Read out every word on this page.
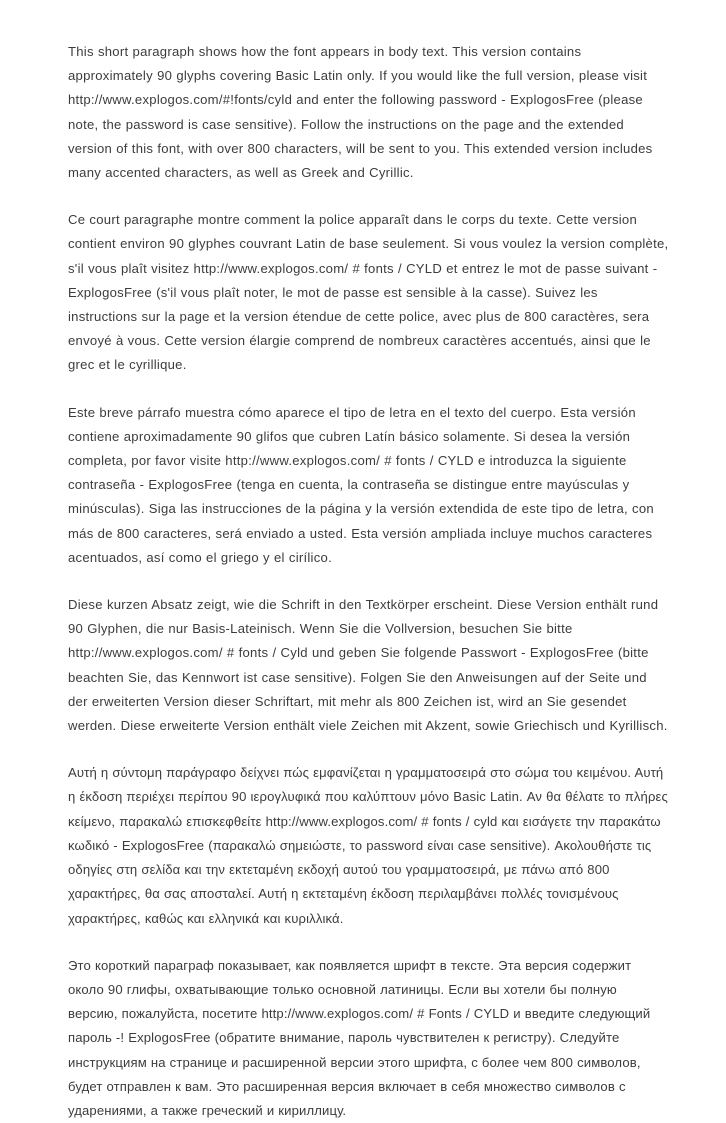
This short paragraph shows how the font appears in body text. This version contains approximately 90 glyphs covering Basic Latin only. If you would like the full version, please visit http://www.explogos.com/#!fonts/cyld and enter the following password - ExplogosFree (please note, the password is case sensitive). Follow the instructions on the page and the extended version of this font, with over 800 characters, will be sent to you. This extended version includes many accented characters, as well as Greek and Cyrillic.

Ce court paragraphe montre comment la police apparaît dans le corps du texte. Cette version contient environ 90 glyphes couvrant Latin de base seulement. Si vous voulez la version complète, s'il vous plaît visitez http://www.explogos.com/ # fonts / CYLD et entrez le mot de passe suivant - ExplogosFree (s'il vous plaît noter, le mot de passe est sensible à la casse). Suivez les instructions sur la page et la version étendue de cette police, avec plus de 800 caractères, sera envoyé à vous. Cette version élargie comprend de nombreux caractères accentués, ainsi que le grec et le cyrillique.

Este breve párrafo muestra cómo aparece el tipo de letra en el texto del cuerpo. Esta versión contiene aproximadamente 90 glifos que cubren Latín básico solamente. Si desea la versión completa, por favor visite http://www.explogos.com/ # fonts / CYLD e introduzca la siguiente contraseña - ExplogosFree (tenga en cuenta, la contraseña se distingue entre mayúsculas y minúsculas). Siga las instrucciones de la página y la versión extendida de este tipo de letra, con más de 800 caracteres, será enviado a usted. Esta versión ampliada incluye muchos caracteres acentuados, así como el griego y el cirílico.

Diese kurzen Absatz zeigt, wie die Schrift in den Textkörper erscheint. Diese Version enthält rund 90 Glyphen, die nur Basis-Lateinisch. Wenn Sie die Vollversion, besuchen Sie bitte http://www.explogos.com/ # fonts / Cyld und geben Sie folgende Passwort - ExplogosFree (bitte beachten Sie, das Kennwort ist case sensitive). Folgen Sie den Anweisungen auf der Seite und der erweiterten Version dieser Schriftart, mit mehr als 800 Zeichen ist, wird an Sie gesendet werden. Diese erweiterte Version enthält viele Zeichen mit Akzent, sowie Griechisch und Kyrillisch.

Αυτή η σύντομη παράγραφο δείχνει πώς εμφανίζεται η γραμματοσειρά στο σώμα του κειμένου. Αυτή η έκδοση περιέχει περίπου 90 ιερογλυφικά που καλύπτουν μόνο Basic Latin. Αν θα θέλατε το πλήρες κείμενο, παρακαλώ επισκεφθείτε http://www.explogos.com/ # fonts / cyld και εισάγετε την παρακάτω κωδικό - ExplogosFree (παρακαλώ σημειώστε, το password είναι case sensitive). Ακολουθήστε τις οδηγίες στη σελίδα και την εκτεταμένη εκδοχή αυτού του γραμματοσειρά, με πάνω από 800 χαρακτήρες, θα σας αποσταλεί. Αυτή η εκτεταμένη έκδοση περιλαμβάνει πολλές τονισμένους χαρακτήρες, καθώς και ελληνικά και κυριλλικά.

Это короткий параграф показывает, как появляется шрифт в тексте. Эта версия содержит около 90 глифы, охватывающие только основной латиницы. Если вы хотели бы полную версию, пожалуйста, посетите http://www.explogos.com/ # Fonts / CYLD и введите следующий пароль -! ExplogosFree (обратите внимание, пароль чувствителен к регистру). Следуйте инструкциям на странице и расширенной версии этого шрифта, с более чем 800 символов, будет отправлен к вам. Это расширенная версия включает в себя множество символов с ударениями, а также греческий и кириллицу.
